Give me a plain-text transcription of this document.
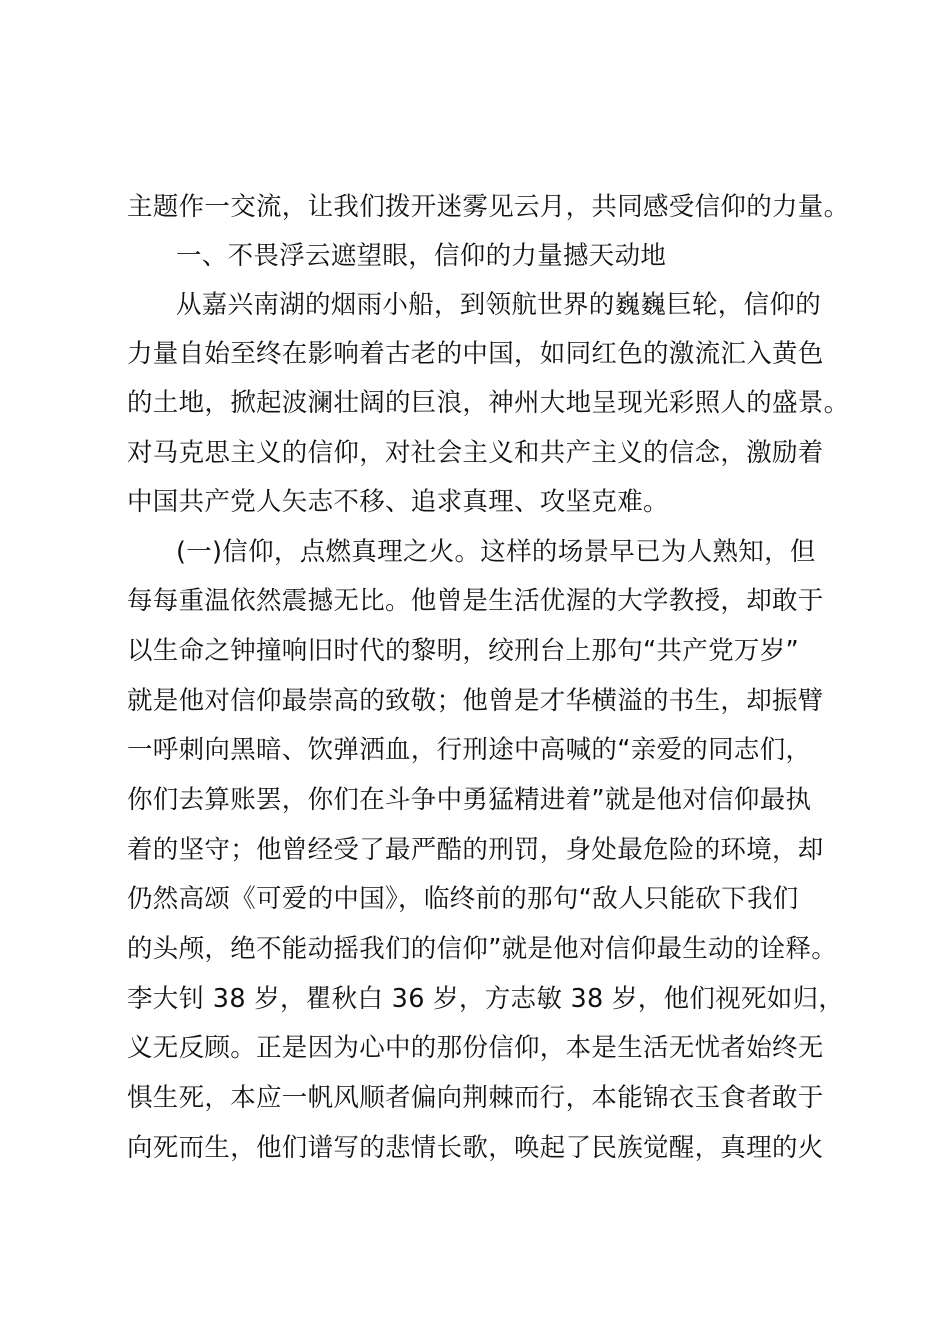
主题作一交流，让我们拨开迷雾见云月，共同感受信仰的力量。
一、不畏浮云遮望眼，信仰的力量撼天动地
从嘉兴南湖的烟雨小船，到领航世界的巍巍巨轮，信仰的
力量自始至终在影响着古老的中国，如同红色的激流汇入黄色
的土地，掀起波澜壮阔的巨浪，神州大地呈现光彩照人的盛景。
对马克思主义的信仰，对社会主义和共产主义的信念，激励着
中国共产党人矢志不移、追求真理、攻坚克难。
(一)信仰，点燃真理之火。这样的场景早已为人熟知，但
每每重温依然震撼无比。他曾是生活优渥的大学教授，却敢于
以生命之钟撞响旧时代的黎明，绞刑台上那句“共产党万岁”
就是他对信仰最崇高的致敬；他曾是才华横溢的书生，却振臂
一呼刺向黑暗、饮弹洒血，行刑途中高喊的“亲爱的同志们，
你们去算账罢，你们在斗争中勇猛精进着”就是他对信仰最执
着的坚守；他曾经受了最严酷的刑罚，身处最危险的环境，却
仍然高颂《可爱的中国》，临终前的那句“敌人只能砍下我们
的头颅，绝不能动摇我们的信仰”就是他对信仰最生动的诠释。
李大钊 38 岁，瞿秋白 36 岁，方志敏 38 岁，他们视死如归，
义无反顾。正是因为心中的那份信仰，本是生活无忧者始终无
惧生死，本应一帆风顺者偏向荆棘而行，本能锦衣玉食者敢于
向死而生，他们谱写的悲情长歌，唤起了民族觉醒，真理的火
